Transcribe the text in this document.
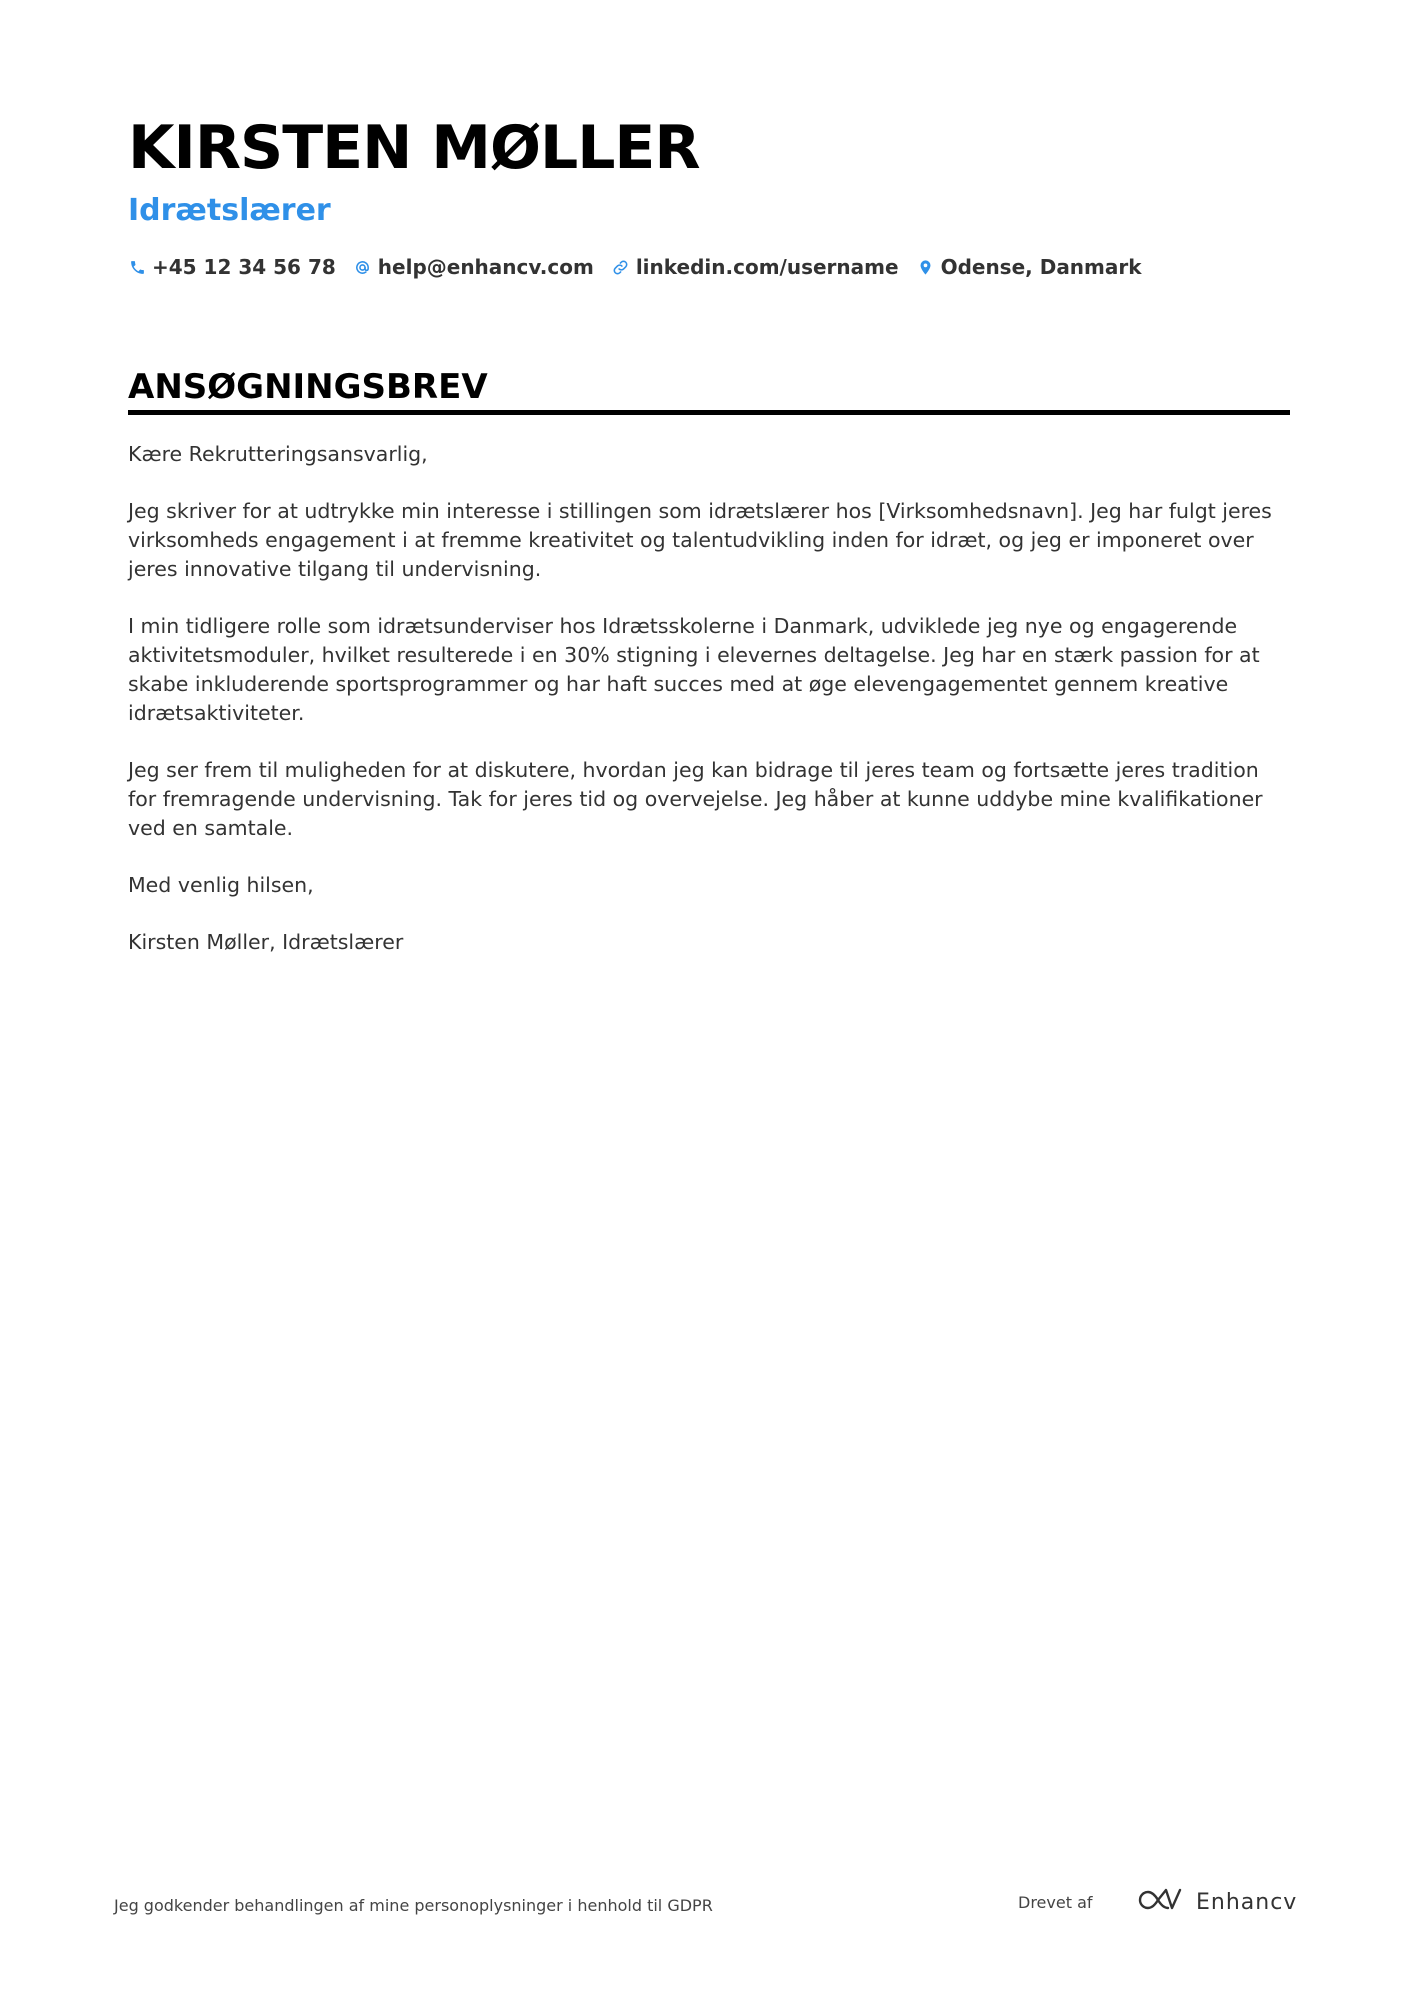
KIRSTEN MØLLER
Idrætslærer
+45 12 34 56 78 help@enhancv.com linkedin.com/username Odense, Danmark
ANSØGNINGSBREV

Kære Rekrutteringsansvarlig,

Jeg skriver for at udtrykke min interesse i stillingen som idrætslærer hos [Virksomhedsnavn]. Jeg har fulgt jeres virksomheds engagement i at fremme kreativitet og talentudvikling inden for idræt, og jeg er imponeret over jeres innovative tilgang til undervisning.

I min tidligere rolle som idrætsunderviser hos Idrætsskolerne i Danmark, udviklede jeg nye og engagerende aktivitetsmoduler, hvilket resulterede i en 30% stigning i elevernes deltagelse. Jeg har en stærk passion for at skabe inkluderende sportsprogrammer og har haft succes med at øge elevengagementet gennem kreative idrætsaktiviteter.

Jeg ser frem til muligheden for at diskutere, hvordan jeg kan bidrage til jeres team og fortsætte jeres tradition for fremragende undervisning. Tak for jeres tid og overvejelse. Jeg håber at kunne uddybe mine kvalifikationer ved en samtale.

Med venlig hilsen,

Kirsten Møller, Idrætslærer

Jeg godkender behandlingen af mine personoplysninger i henhold til GDPR	Drevet af	Enhancv
